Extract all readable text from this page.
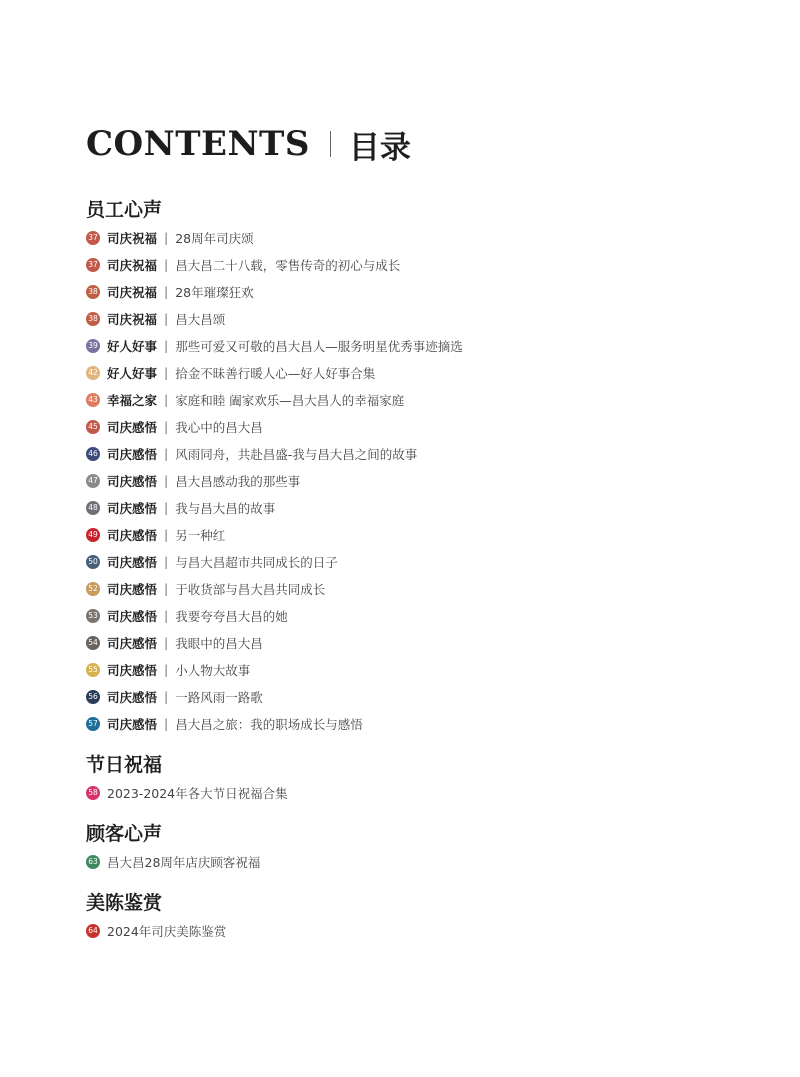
CONTENTS 目录
员工心声
37 司庆祝福 | 28周年司庆颂
37 司庆祝福 | 昌大昌二十八载，零售传奇的初心与成长
38 司庆祝福 | 28年璀璨狂欢
38 司庆祝福 | 昌大昌颂
39 好人好事 | 那些可爱又可敬的昌大昌人—服务明星优秀事迹摘选
42 好人好事 | 拾金不昧善行暖人心—好人好事合集
43 幸福之家 | 家庭和睦 阖家欢乐—昌大昌人的幸福家庭
45 司庆感悟 | 我心中的昌大昌
46 司庆感悟 | 风雨同舟，共赴昌盛-我与昌大昌之间的故事
47 司庆感悟 | 昌大昌感动我的那些事
48 司庆感悟 | 我与昌大昌的故事
49 司庆感悟 | 另一种红
50 司庆感悟 | 与昌大昌超市共同成长的日子
52 司庆感悟 | 于收货部与昌大昌共同成长
53 司庆感悟 | 我要夸夸昌大昌的她
54 司庆感悟 | 我眼中的昌大昌
55 司庆感悟 | 小人物大故事
56 司庆感悟 | 一路风雨一路歌
57 司庆感悟 | 昌大昌之旅：我的职场成长与感悟
节日祝福
58 2023-2024年各大节日祝福合集
顾客心声
63 昌大昌28周年店庆顾客祝福
美陈鉴赏
64 2024年司庆美陈鉴赏
